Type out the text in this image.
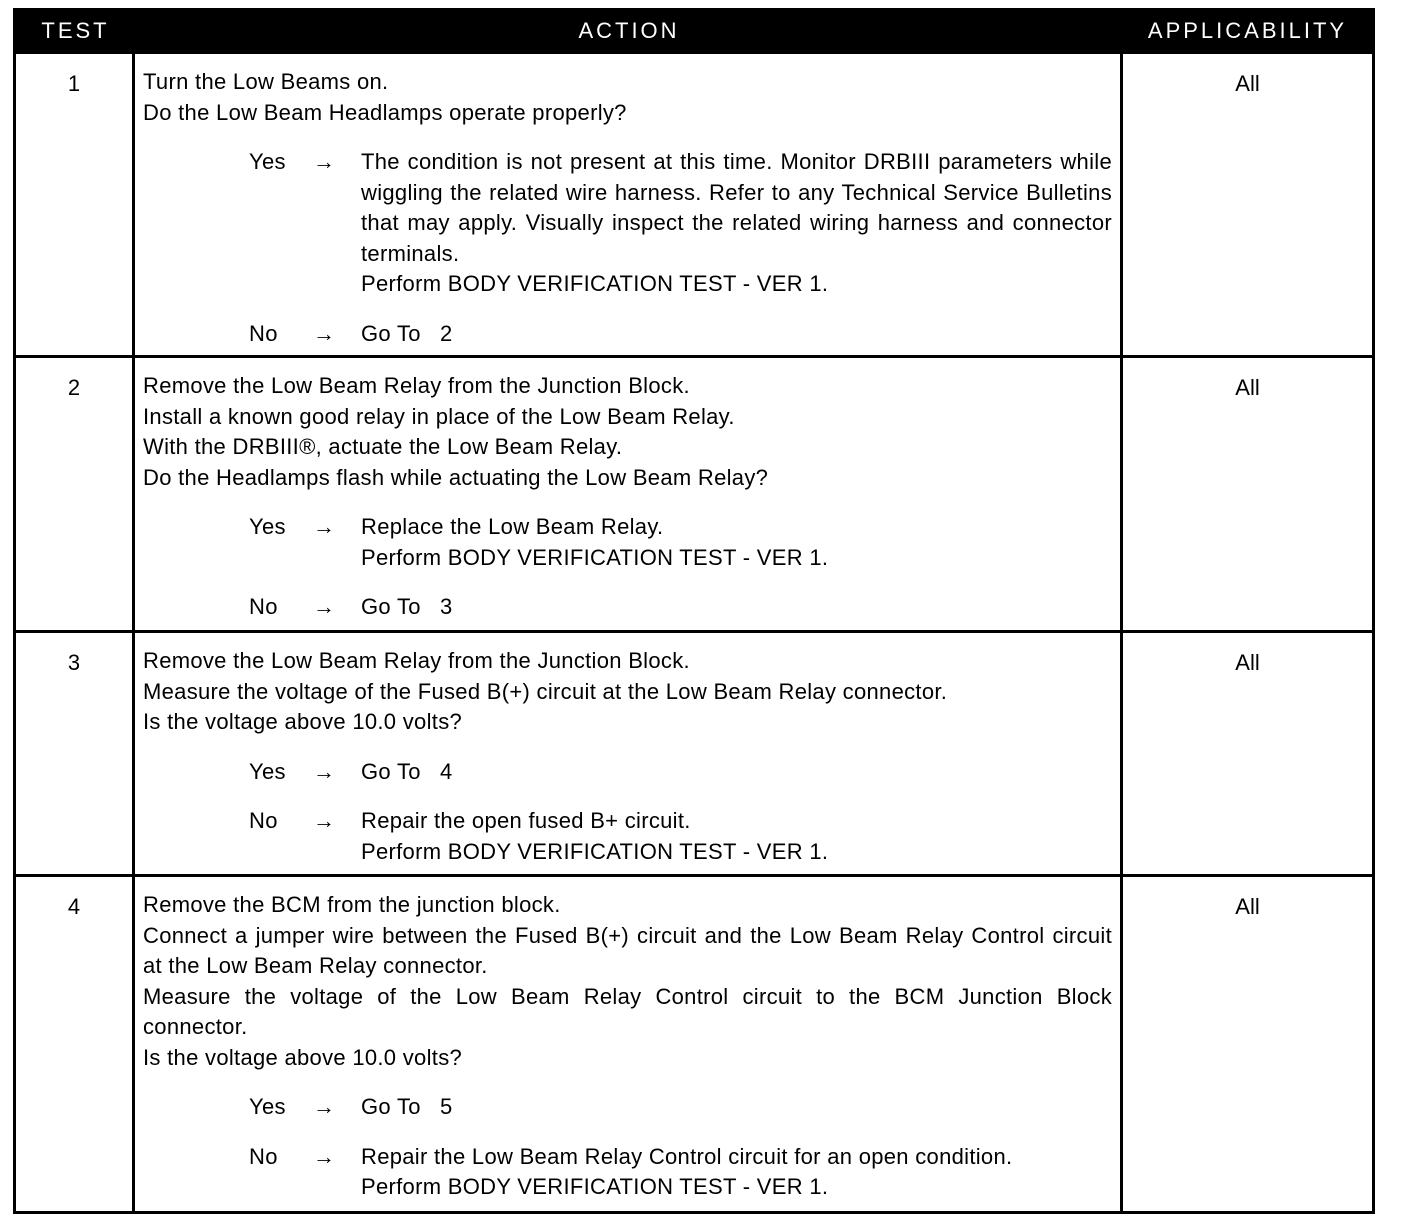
TEST	ACTION	APPLICABILITY
1	Turn the Low Beams on.
Do the Low Beam Headlamps operate properly?
Yes	→ The condition is not present at this time. Monitor DRBIII parameters while wiggling the related wire harness. Refer to any Technical Service Bulletins that may apply. Visually inspect the related wiring harness and connector terminals.
Perform BODY VERIFICATION TEST - VER 1.
No	→ Go To   2
All
2	Remove the Low Beam Relay from the Junction Block.
Install a known good relay in place of the Low Beam Relay.
With the DRBIII®, actuate the Low Beam Relay.
Do the Headlamps flash while actuating the Low Beam Relay?
Yes	→ Replace the Low Beam Relay.
Perform BODY VERIFICATION TEST - VER 1.
No	→ Go To   3
All
3	Remove the Low Beam Relay from the Junction Block.
Measure the voltage of the Fused B(+) circuit at the Low Beam Relay connector.
Is the voltage above 10.0 volts?
Yes	→ Go To   4
No	→ Repair the open fused B+ circuit.
Perform BODY VERIFICATION TEST - VER 1.
All
4	Remove the BCM from the junction block.
Connect a jumper wire between the Fused B(+) circuit and the Low Beam Relay Control circuit at the Low Beam Relay connector.
Measure the voltage of the Low Beam Relay Control circuit to the BCM Junction Block connector.
Is the voltage above 10.0 volts?
Yes	→ Go To   5
No	→ Repair the Low Beam Relay Control circuit for an open condition.
Perform BODY VERIFICATION TEST - VER 1.
All
